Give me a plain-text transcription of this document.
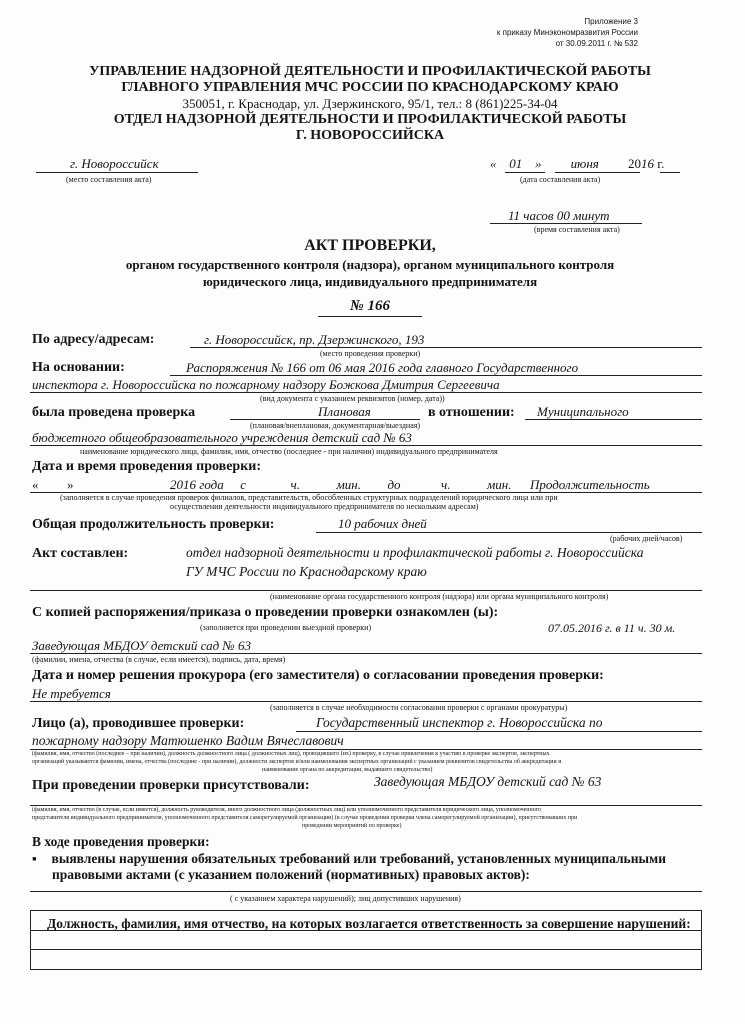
Приложение 3
к приказу Минэкономразвития России
от 30.09.2011 г. № 532
УПРАВЛЕНИЕ НАДЗОРНОЙ ДЕЯТЕЛЬНОСТИ И ПРОФИЛАКТИЧЕСКОЙ РАБОТЫ
ГЛАВНОГО УПРАВЛЕНИЯ МЧС РОССИИ ПО КРАСНОДАРСКОМУ КРАЮ
350051, г. Краснодар, ул. Дзержинского, 95/1, тел.: 8 (861)225-34-04
ОТДЕЛ НАДЗОРНОЙ ДЕЯТЕЛЬНОСТИ И ПРОФИЛАКТИЧЕСКОЙ РАБОТЫ
Г. НОВОРОССИЙСКА
г. Новороссийск
(место составления акта)
« 01 » июня 2016 г.
(дата составления акта)
11 часов 00 минут
(время составления акта)
АКТ ПРОВЕРКИ,
органом государственного контроля (надзора), органом муниципального контроля
юридического лица, индивидуального предпринимателя
№ 166
По адресу/адресам:	г. Новороссийск, пр. Дзержинского, 193
(место проведения проверки)
На основании:	Распоряжения № 166 от 06 мая 2016 года главного Государственного
инспектора г. Новороссийска по пожарному надзору Божкова Дмитрия Сергеевича
(вид документа с указанием реквизитов (номер, дата))
была проведена проверка	Плановая	в отношении: Муниципального
(плановая/внеплановая, документарная/выездная)
бюджетного общеобразовательного учреждения детский сад № 63
наименование юридического лица, фамилия, имя, отчество (последнее - при наличии) индивидуального предпринимателя
Дата и время проведения проверки:
« »	2016 года с	ч.	мин. до	ч.	мин. Продолжительность
(заполняется в случае проведения проверок филиалов, представительств, обособленных структурных подразделений юридического лица или при
осуществлении деятельности индивидуального предпринимателя по нескольким адресам)
Общая продолжительность проверки:	10 рабочих дней
(рабочих дней/часов)
Акт составлен:	отдел надзорной деятельности и профилактической работы г. Новороссийска
ГУ МЧС России по Краснодарскому краю
(наименование органа государственного контроля (надзора) или органа муниципального контроля)
С копией распоряжения/приказа о проведении проверки ознакомлен (ы):
(заполняется при проведении выездной проверки)	07.05.2016 г. в 11 ч. 30 м.
Заведующая МБДОУ детский сад № 63
(фамилии, имена, отчества (в случае, если имеется), подпись, дата, время)
Дата и номер решения прокурора (его заместителя) о согласовании проведения проверки:
Не требуется
(заполняется в случае необходимости согласования проверки с органами прокуратуры)
Лицо (а), проводившее проверки:	Государственный инспектор г. Новороссийска по
пожарному надзору Матюшенко Вадим Вячеславович
(фамилия, имя, отчество (последнее – при наличии), должность должностного лица ( должностных лиц), проводившего (их) проверку, в случае привлечения к участию в проверке экспертов, экспертных
организаций указываются фамилии, имена, отчества (последние - при наличии), должности экспертов и/или наименования экспертных организаций с указанием реквизитов свидетельства об аккредитации и
наименование органа по аккредитации, выдавшего свидетельство)
При проведении проверки присутствовали:	Заведующая МБДОУ детский сад № 63
(фамилия, имя, отчество (в случае, если имеется), должность руководителя, иного должностного лица (должностных лиц) или уполномоченного представителя юридического лица, уполномоченного
представителя индивидуального предпринимателя, уполномоченного представителя саморегулируемой организации) (в случае проведения проверки члена саморегулируемой организации), присутствовавших при
проведении мероприятий по проверке)
В ходе проведения проверки:
▪ выявлены нарушения обязательных требований или требований, установленных муниципальными
правовыми актами (с указанием положений (нормативных) правовых актов):
( с указанием характера нарушений); лиц допустивших нарушения)
Должность, фамилия, имя отчество, на которых возлагается ответственность за совершение нарушений:
